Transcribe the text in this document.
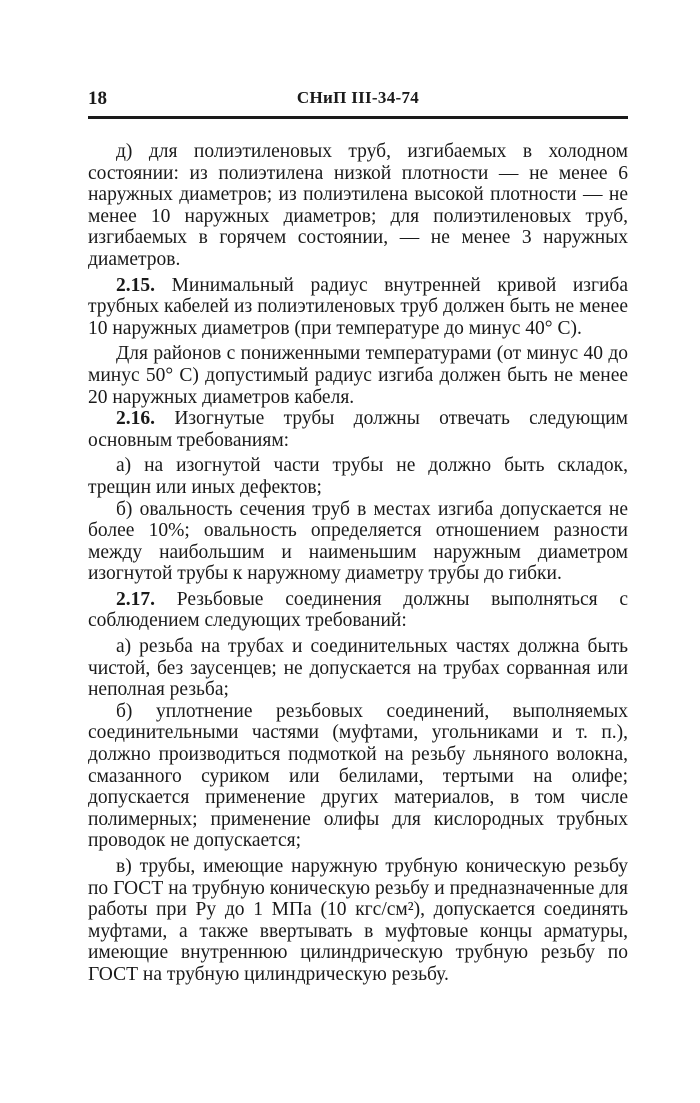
18	СНиП III-34-74

д) для полиэтиленовых труб, изгибаемых в холодном состоянии: из полиэтилена низкой плотности — не менее 6 наружных диаметров; из полиэтилена высокой плотности — не менее 10 наружных диаметров; для полиэтиленовых труб, изгибаемых в горячем состоянии, — не менее 3 наружных диаметров.

2.15. Минимальный радиус внутренней кривой изгиба трубных кабелей из полиэтиленовых труб должен быть не менее 10 наружных диаметров (при температуре до минус 40° С).

Для районов с пониженными температурами (от минус 40 до минус 50° С) допустимый радиус изгиба должен быть не менее 20 наружных диаметров кабеля.

2.16. Изогнутые трубы должны отвечать следующим основным требованиям:

а) на изогнутой части трубы не должно быть складок, трещин или иных дефектов;

б) овальность сечения труб в местах изгиба допускается не более 10%; овальность определяется отношением разности между наибольшим и наименьшим наружным диаметром изогнутой трубы к наружному диаметру трубы до гибки.

2.17. Резьбовые соединения должны выполняться с соблюдением следующих требований:

а) резьба на трубах и соединительных частях должна быть чистой, без заусенцев; не допускается на трубах сорванная или неполная резьба;

б) уплотнение резьбовых соединений, выполняемых соединительными частями (муфтами, угольниками и т. п.), должно производиться подмоткой на резьбу льняного волокна, смазанного суриком или белилами, тертыми на олифе; допускается применение других материалов, в том числе полимерных; применение олифы для кислородных трубных проводок не допускается;

в) трубы, имеющие наружную трубную коническую резьбу по ГОСТ на трубную коническую резьбу и предназначенные для работы при Ру до 1 МПа (10 кгс/см²), допускается соединять муфтами, а также ввертывать в муфтовые концы арматуры, имеющие внутреннюю цилиндрическую трубную резьбу по ГОСТ на трубную цилиндрическую резьбу.
